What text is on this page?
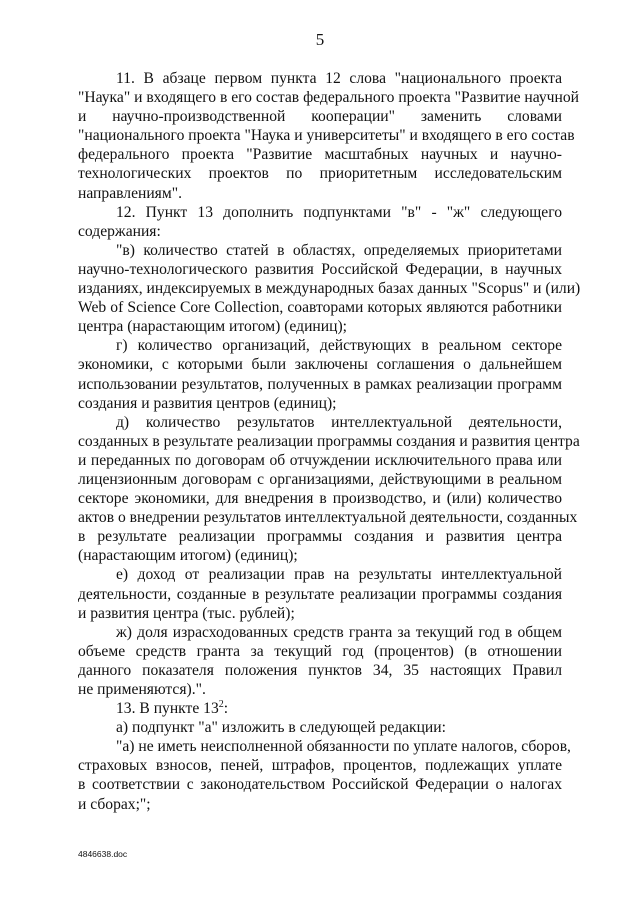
5
11. В абзаце первом пункта 12 слова "национального проекта
"Наука" и входящего в его состав федерального проекта "Развитие научной
и научно-производственной кооперации" заменить словами
"национального проекта "Наука и университеты" и входящего в его состав
федерального проекта "Развитие масштабных научных и научно-
технологических проектов по приоритетным исследовательским
направлениям".
12. Пункт 13 дополнить подпунктами "в" - "ж" следующего
содержания:
"в) количество статей в областях, определяемых приоритетами
научно-технологического развития Российской Федерации, в научных
изданиях, индексируемых в международных базах данных "Scopus" и (или)
Web of Science Core Collection, соавторами которых являются работники
центра (нарастающим итогом) (единиц);
г) количество организаций, действующих в реальном секторе
экономики, с которыми были заключены соглашения о дальнейшем
использовании результатов, полученных в рамках реализации программ
создания и развития центров (единиц);
д) количество результатов интеллектуальной деятельности,
созданных в результате реализации программы создания и развития центра
и переданных по договорам об отчуждении исключительного права или
лицензионным договорам с организациями, действующими в реальном
секторе экономики, для внедрения в производство, и (или) количество
актов о внедрении результатов интеллектуальной деятельности, созданных
в результате реализации программы создания и развития центра
(нарастающим итогом) (единиц);
е) доход от реализации прав на результаты интеллектуальной
деятельности, созданные в результате реализации программы создания
и развития центра (тыс. рублей);
ж) доля израсходованных средств гранта за текущий год в общем
объеме средств гранта за текущий год (процентов) (в отношении
данного показателя положения пунктов 34, 35 настоящих Правил
не применяются).".
13. В пункте $13^2$:
а) подпункт "а" изложить в следующей редакции:
"а) не иметь неисполненной обязанности по уплате налогов, сборов,
страховых взносов, пеней, штрафов, процентов, подлежащих уплате
в соответствии с законодательством Российской Федерации о налогах
и сборах;";
4846638.doc
